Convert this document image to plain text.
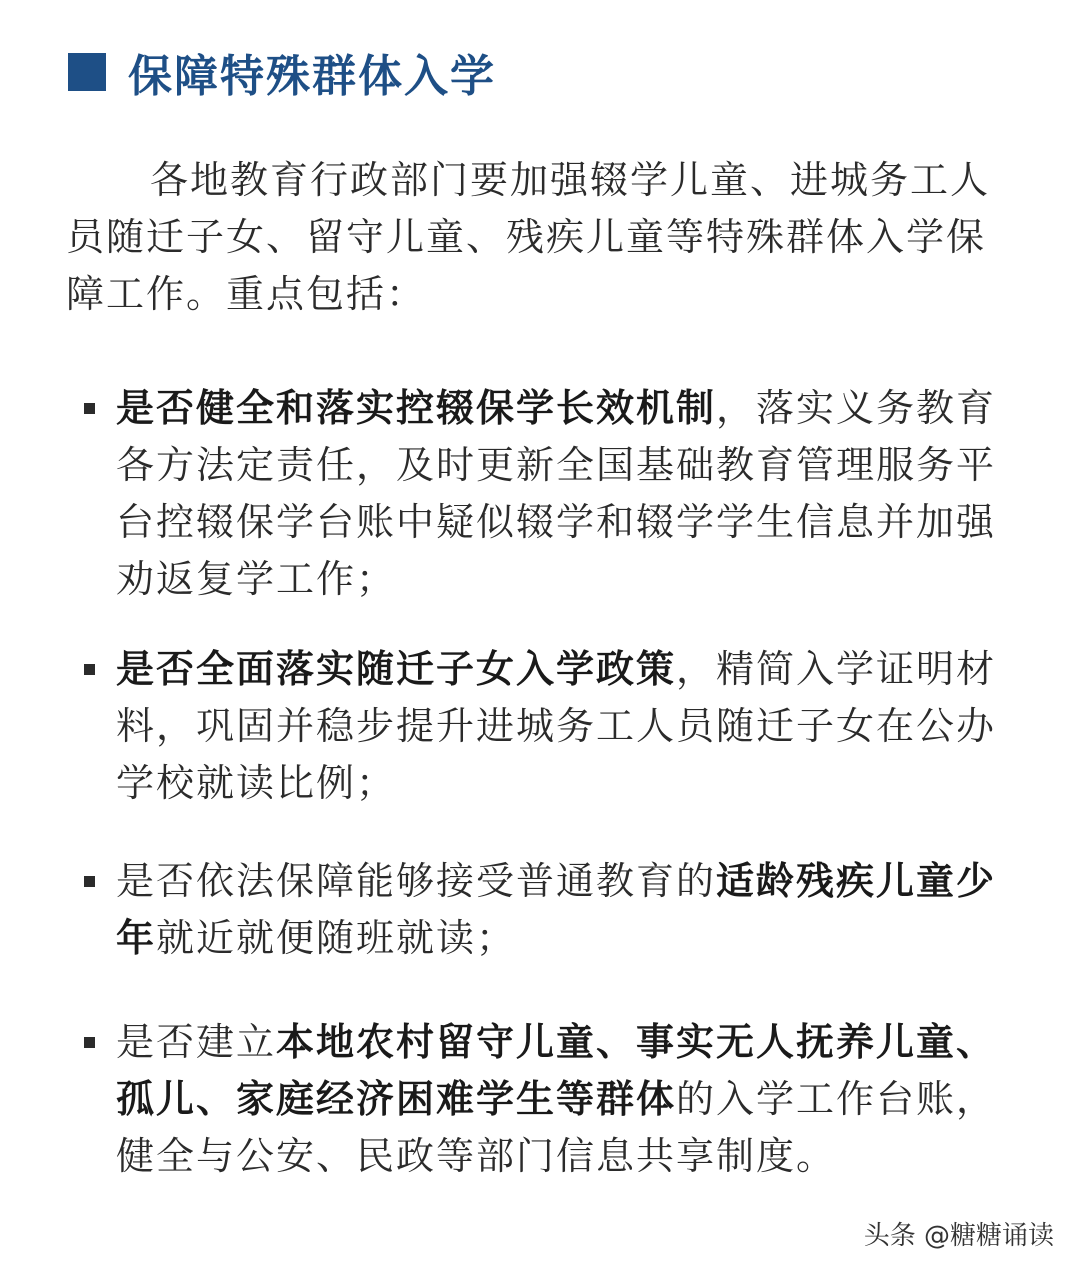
保障特殊群体入学
各地教育行政部门要加强辍学儿童、进城务工人员随迁子女、留守儿童、残疾儿童等特殊群体入学保障工作。重点包括：
是否健全和落实控辍保学长效机制，落实义务教育各方法定责任，及时更新全国基础教育管理服务平台控辍保学台账中疑似辍学和辍学学生信息并加强劝返复学工作；
是否全面落实随迁子女入学政策，精简入学证明材料，巩固并稳步提升进城务工人员随迁子女在公办学校就读比例；
是否依法保障能够接受普通教育的适龄残疾儿童少年就近就便随班就读；
是否建立本地农村留守儿童、事实无人抚养儿童、孤儿、家庭经济困难学生等群体的入学工作台账，健全与公安、民政等部门信息共享制度。
头条 @糖糖诵读
